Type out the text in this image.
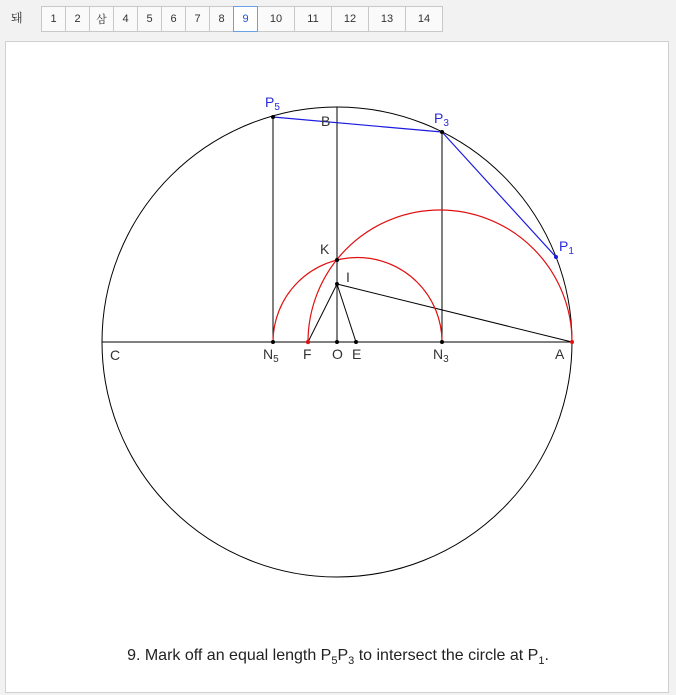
돼	1	2	삼	4	5	6	7	8	9	10	11	12	13	14
$P_5$
$P_3$
$P_1$
B
K
I
C	$N_5$ F O E	$N_3$	A
9. Mark off an equal length $P_5P_3$ to intersect the circle at $P_1$.
